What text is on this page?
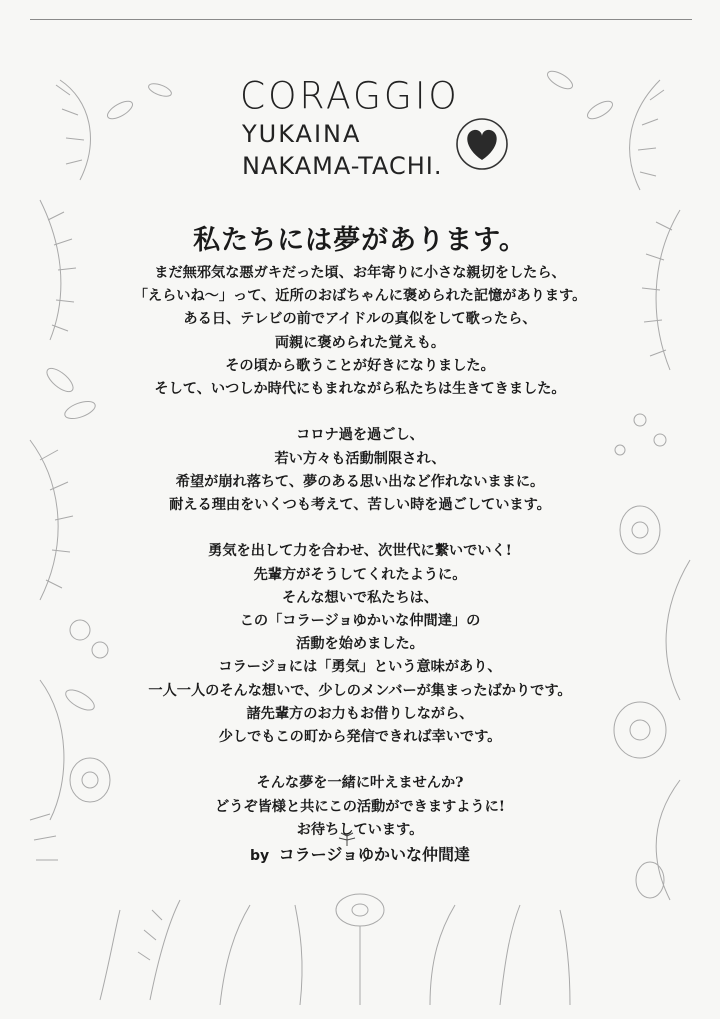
CORAGGIO
YUKAINA
NAKAMA-TACHI.
私たちには夢があります。
まだ無邪気な悪ガキだった頃、お年寄りに小さな親切をしたら、
「えらいね〜」って、近所のおばちゃんに褒められた記憶があります。
ある日、テレビの前でアイドルの真似をして歌ったら、
両親に褒められた覚えも。
その頃から歌うことが好きになりました。
そして、いつしか時代にもまれながら私たちは生きてきました。
コロナ過を過ごし、
若い方々も活動制限され、
希望が崩れ落ちて、夢のある思い出など作れないままに。
耐える理由をいくつも考えて、苦しい時を過ごしています。
勇気を出して力を合わせ、次世代に繋いでいく!
先輩方がそうしてくれたように。
そんな想いで私たちは、
この「コラージョゆかいな仲間達」の
活動を始めました。
コラージョには「勇気」という意味があり、
一人一人のそんな想いで、少しのメンバーが集まったばかりです。
諸先輩方のお力もお借りしながら、
少しでもこの町から発信できれば幸いです。
そんな夢を一緒に叶えませんか?
どうぞ皆様と共にこの活動ができますように!
お待ちしています。
by コラージョゆかいな仲間達
